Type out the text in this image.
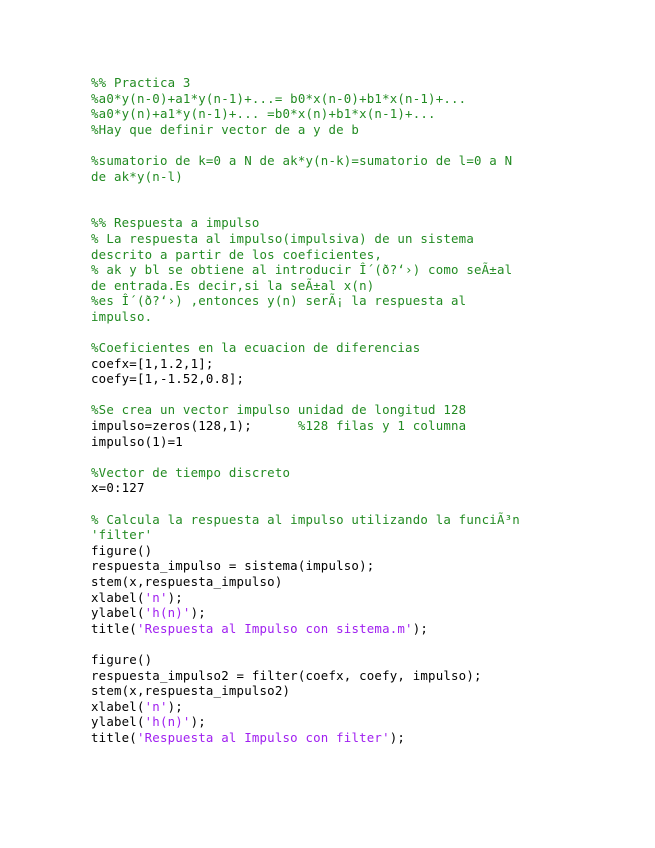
%% Practica 3
%a0*y(n-0)+a1*y(n-1)+...= b0*x(n-0)+b1*x(n-1)+...
%a0*y(n)+a1*y(n-1)+... =b0*x(n)+b1*x(n-1)+...
%Hay que definir vector de a y de b
%sumatorio de k=0 a N de ak*y(n-k)=sumatorio de l=0 a N
de ak*y(n-l)
%% Respuesta a impulso
% La respuesta al impulso(impulsiva) de un sistema
descrito a partir de los coeficientes,
% ak y bl se obtiene al introducir Î´(ð?‘›) como seÃ±al
de entrada.Es decir,si la seÃ±al x(n)
%es Î´(ð?‘›) ,entonces y(n) serÃ¡ la respuesta al
impulso.
%Coeficientes en la ecuacion de diferencias
coefx=[1,1.2,1];
coefy=[1,-1.52,0.8];
%Se crea un vector impulso unidad de longitud 128
impulso=zeros(128,1);      %128 filas y 1 columna
impulso(1)=1
%Vector de tiempo discreto
x=0:127
% Calcula la respuesta al impulso utilizando la funciÃ³n
'filter'
figure()
respuesta_impulso = sistema(impulso);
stem(x,respuesta_impulso)
xlabel('n');
ylabel('h(n)');
title('Respuesta al Impulso con sistema.m');
figure()
respuesta_impulso2 = filter(coefx, coefy, impulso);
stem(x,respuesta_impulso2)
xlabel('n');
ylabel('h(n)');
title('Respuesta al Impulso con filter');
